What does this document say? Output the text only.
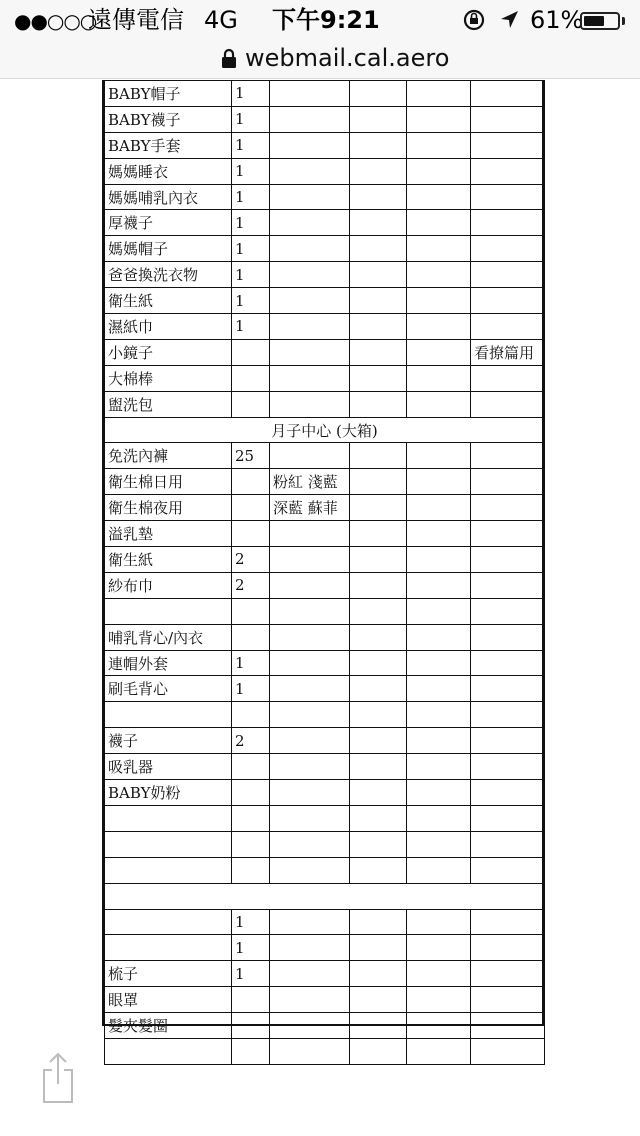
●●○○○
遠傳電信 4G 下午9:21	61%
webmail.cal.aero
BABY帽子	1				
BABY襪子	1				
BABY手套	1				
媽媽睡衣	1				
媽媽哺乳內衣	1				
厚襪子	1				
媽媽帽子	1				
爸爸換洗衣物	1				
衛生紙	1				
濕紙巾	1				
小鏡子					看撩篇用
大棉棒					
盥洗包					
月子中心 (大箱)					
免洗內褲	25				
衛生棉日用		粉紅 淺藍			
衛生棉夜用		深藍 蘇菲			
溢乳墊					
衛生紙	2				
紗布巾	2				

哺乳背心/內衣					
連帽外套	1				
刷毛背心	1				

襪子	2				
吸乳器					
BABY奶粉					

	1				
	1				
梳子	1				
眼罩					
髮夾髮圈					
